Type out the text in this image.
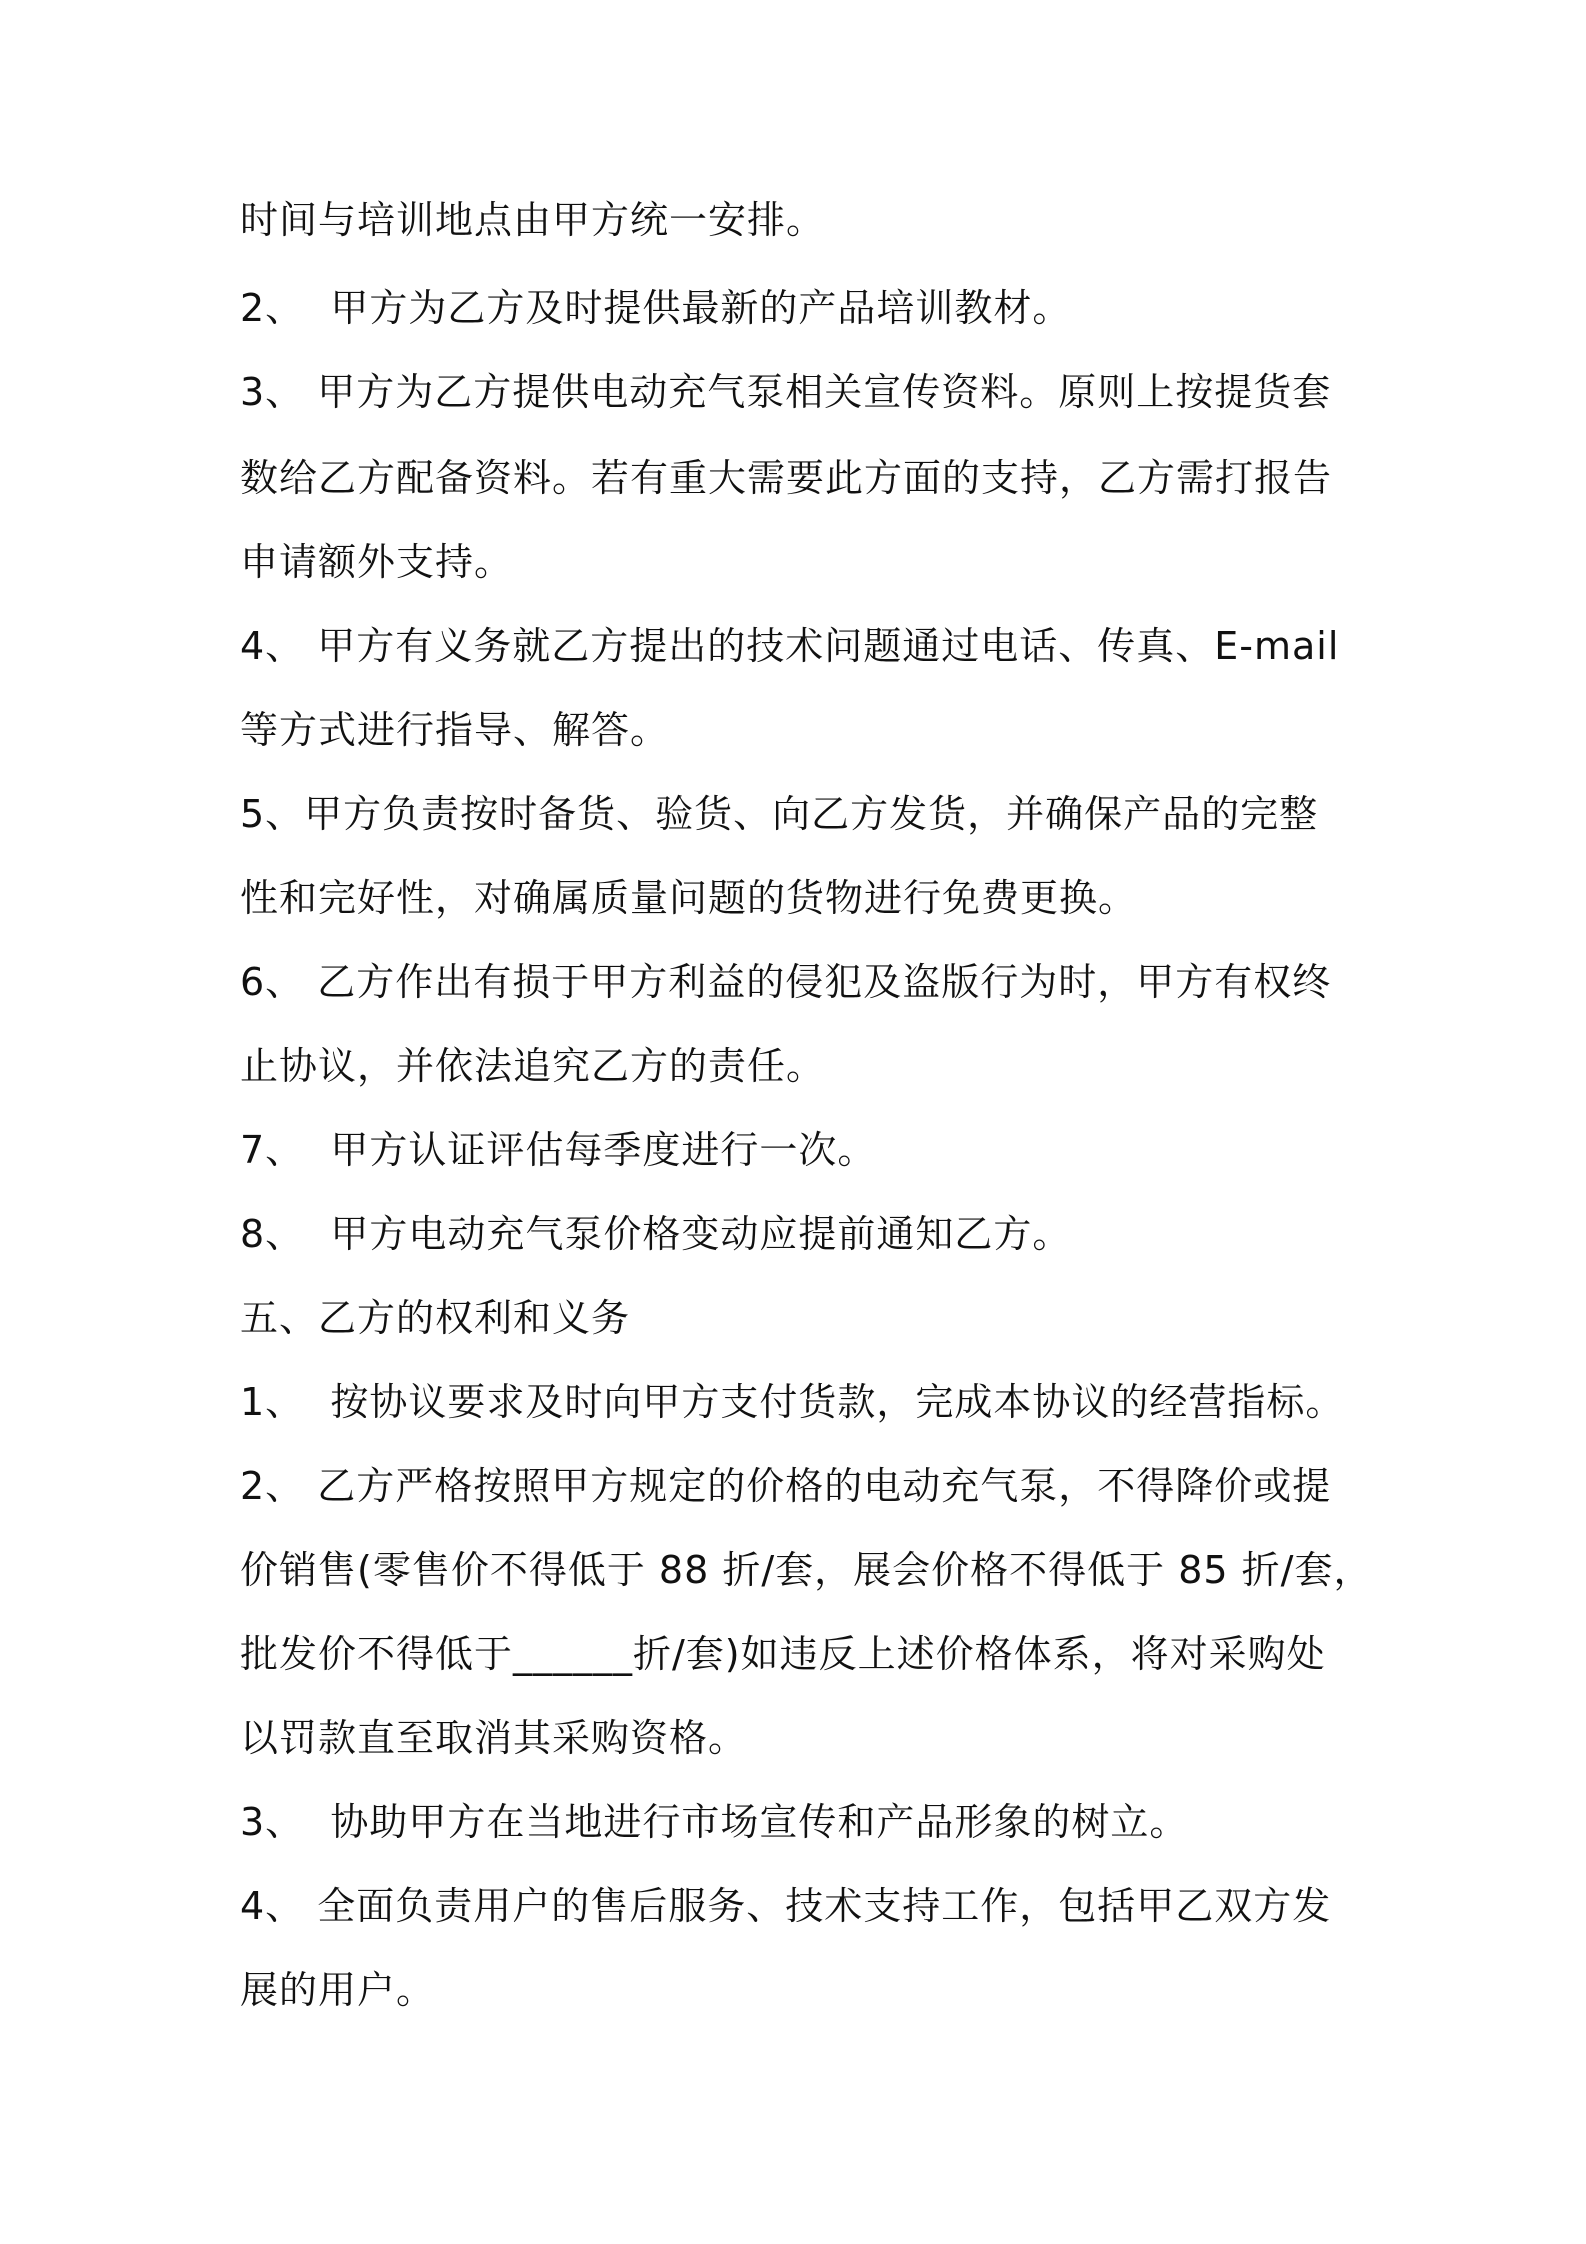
时间与培训地点由甲方统一安排。
2、  甲方为乙方及时提供最新的产品培训教材。
3、 甲方为乙方提供电动充气泵相关宣传资料。原则上按提货套
数给乙方配备资料。若有重大需要此方面的支持，乙方需打报告
申请额外支持。
4、 甲方有义务就乙方提出的技术问题通过电话、传真、E-mail
等方式进行指导、解答。
5、甲方负责按时备货、验货、向乙方发货，并确保产品的完整
性和完好性，对确属质量问题的货物进行免费更换。
6、 乙方作出有损于甲方利益的侵犯及盗版行为时，甲方有权终
止协议，并依法追究乙方的责任。
7、  甲方认证评估每季度进行一次。
8、  甲方电动充气泵价格变动应提前通知乙方。
五、乙方的权利和义务
1、  按协议要求及时向甲方支付货款，完成本协议的经营指标。
2、 乙方严格按照甲方规定的价格的电动充气泵，不得降价或提
价销售(零售价不得低于 88 折/套，展会价格不得低于 85 折/套，
批发价不得低于______折/套)如违反上述价格体系，将对采购处
以罚款直至取消其采购资格。
3、  协助甲方在当地进行市场宣传和产品形象的树立。
4、 全面负责用户的售后服务、技术支持工作，包括甲乙双方发
展的用户。
